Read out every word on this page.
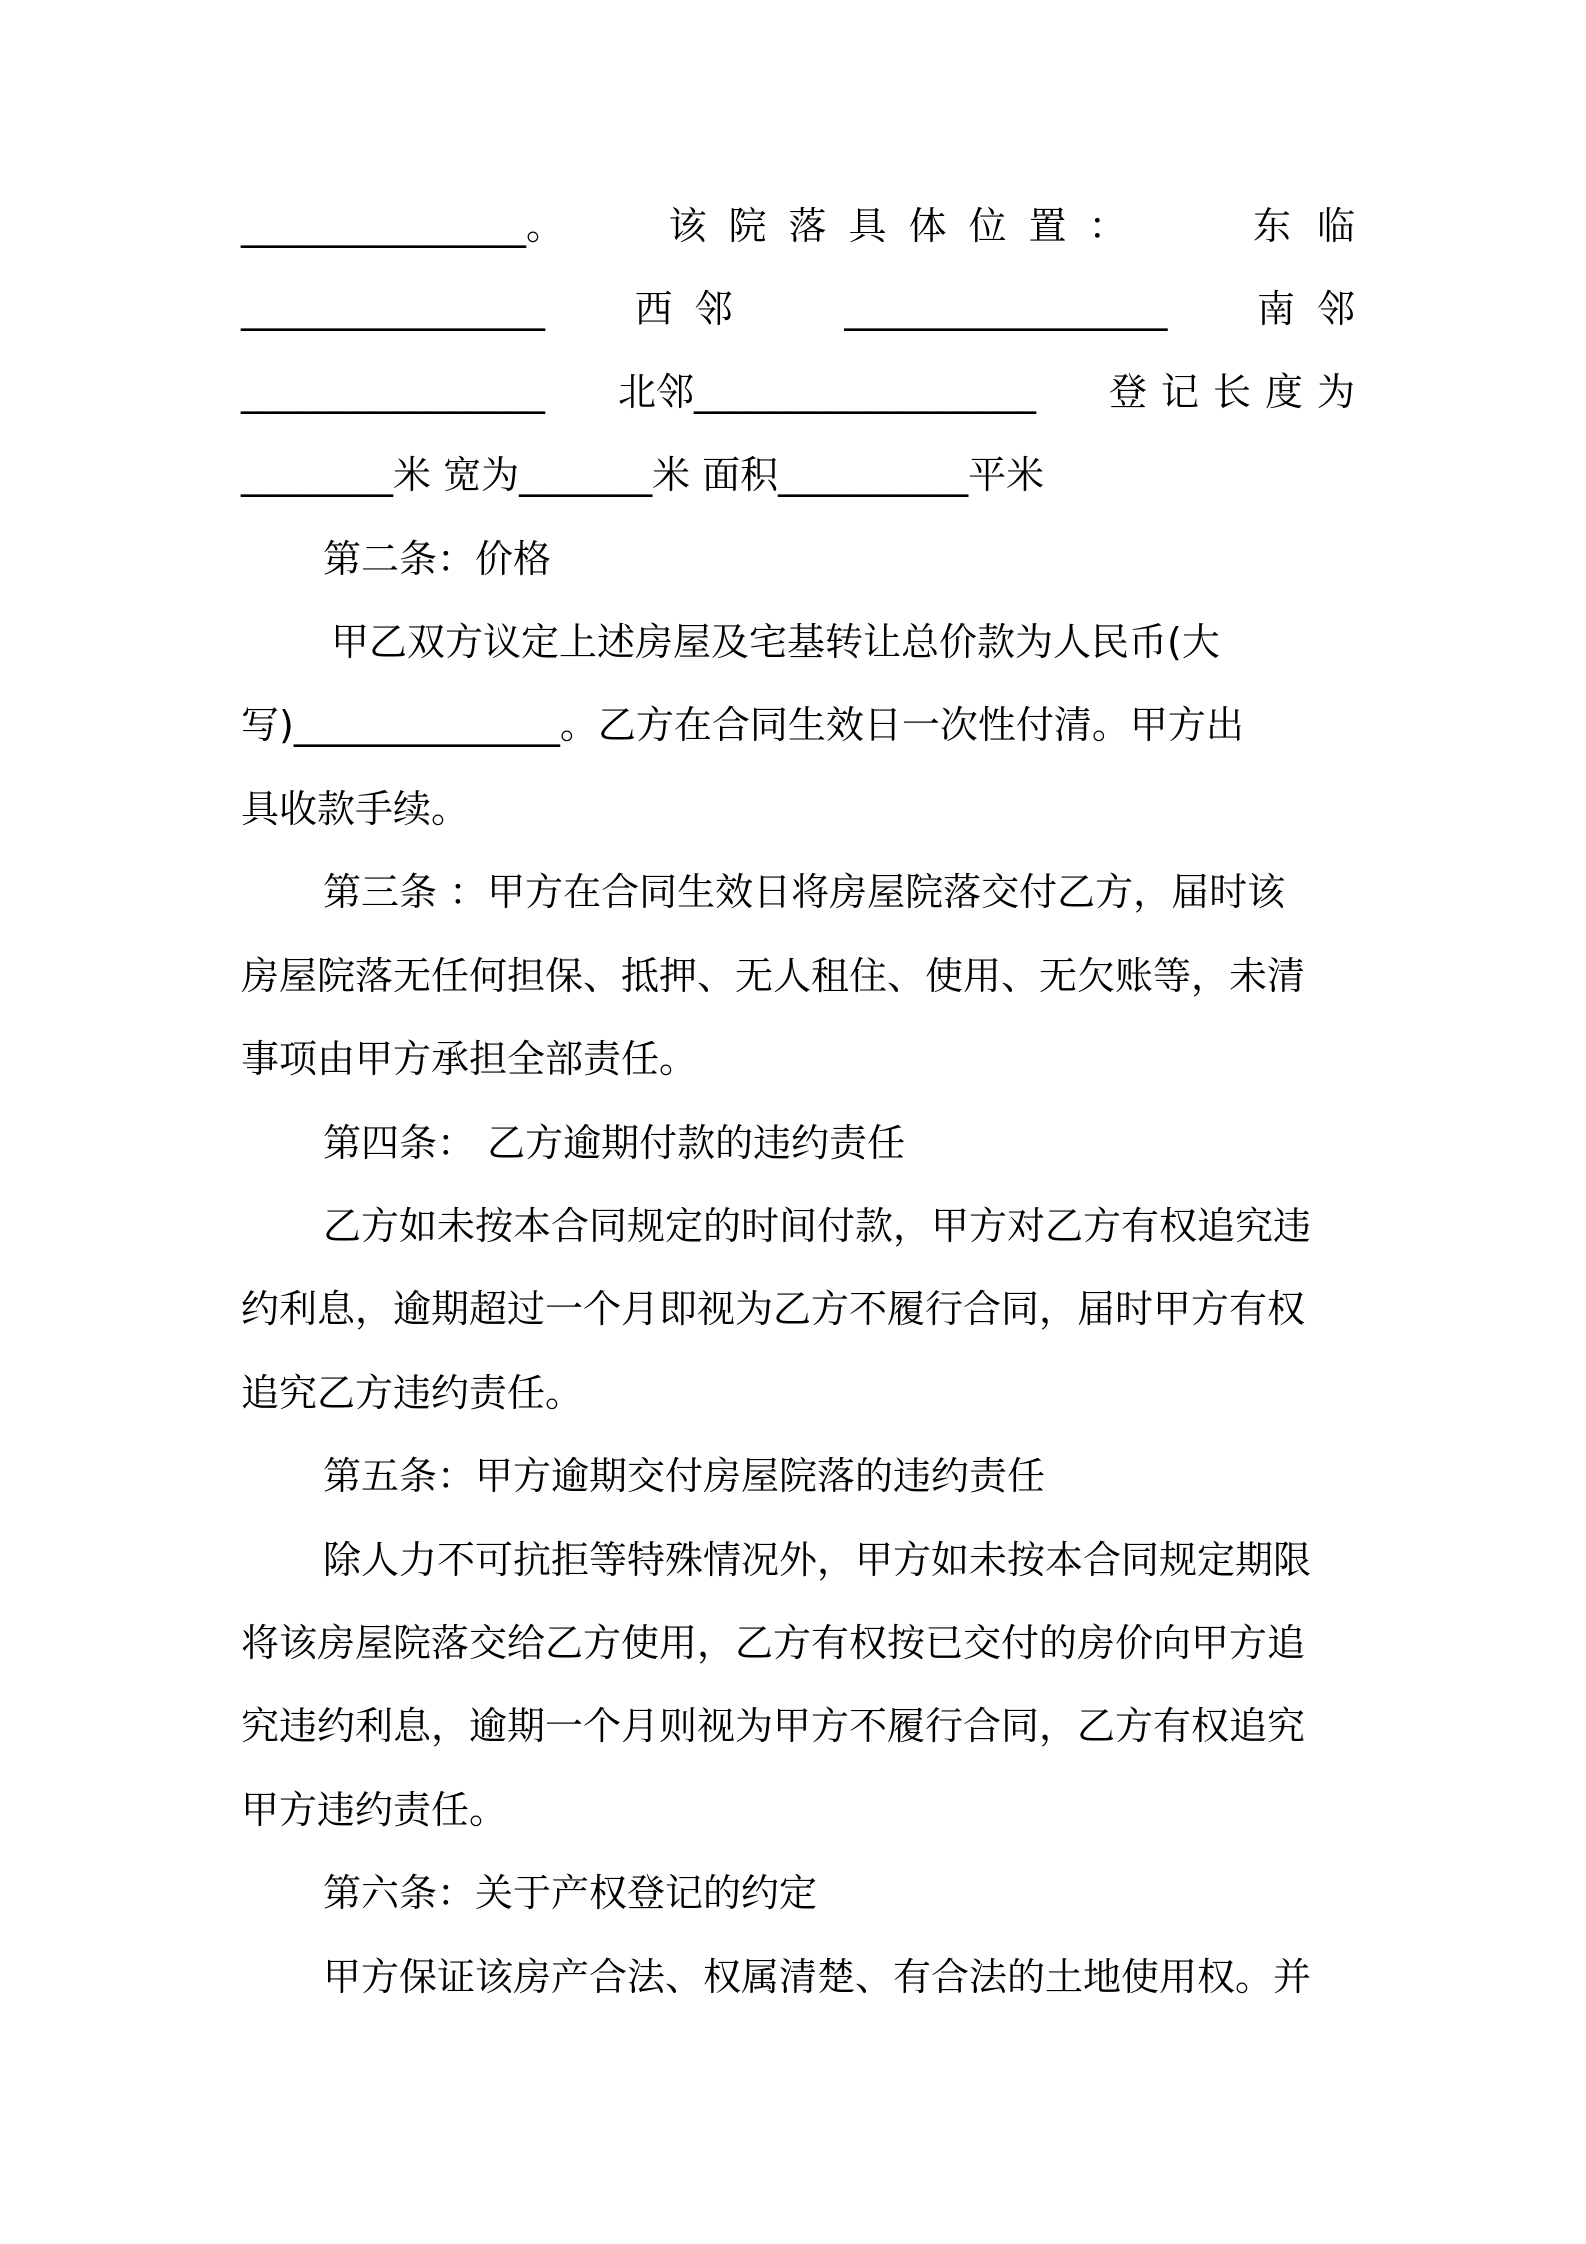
_______________。	该院落具体位置：	东临
________________ 西邻 _________________ 南邻
________________ 北邻__________________ 登记长度为
________米 宽为_______米 面积__________平米
第二条：价格
甲乙双方议定上述房屋及宅基转让总价款为人民币(大
写)______________。乙方在合同生效日一次性付清。甲方出
具收款手续。
第三条 ：甲方在合同生效日将房屋院落交付乙方，届时该
房屋院落无任何担保、抵押、无人租住、使用、无欠账等，未清
事项由甲方承担全部责任。
第四条： 乙方逾期付款的违约责任
乙方如未按本合同规定的时间付款，甲方对乙方有权追究违
约利息，逾期超过一个月即视为乙方不履行合同，届时甲方有权
追究乙方违约责任。
第五条：甲方逾期交付房屋院落的违约责任
除人力不可抗拒等特殊情况外，甲方如未按本合同规定期限
将该房屋院落交给乙方使用，乙方有权按已交付的房价向甲方追
究违约利息，逾期一个月则视为甲方不履行合同，乙方有权追究
甲方违约责任。
第六条：关于产权登记的约定
甲方保证该房产合法、权属清楚、有合法的土地使用权。并
